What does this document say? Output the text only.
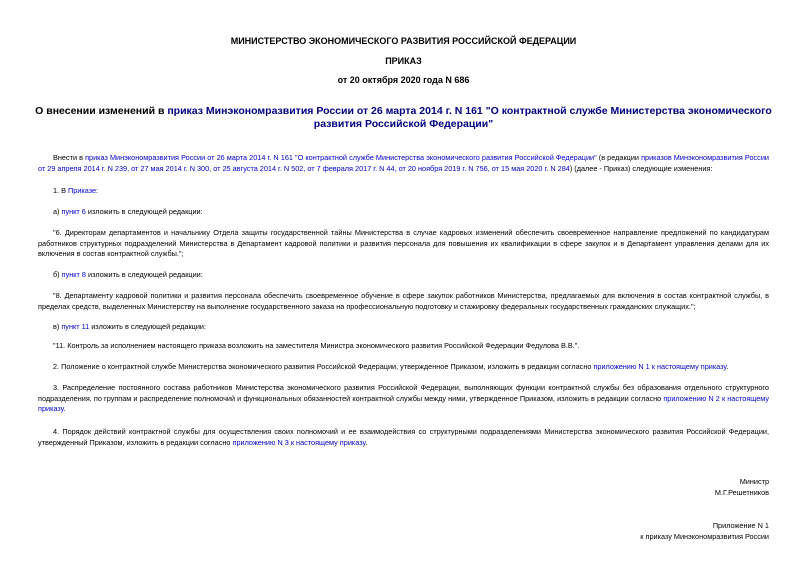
МИНИСТЕРСТВО ЭКОНОМИЧЕСКОГО РАЗВИТИЯ РОССИЙСКОЙ ФЕДЕРАЦИИ
ПРИКАЗ
от 20 октября 2020 года N 686
О внесении изменений в приказ Минэкономразвития России от 26 марта 2014 г. N 161 "О контрактной службе Министерства экономического развития Российской Федерации"
Внести в приказ Минэкономразвития России от 26 марта 2014 г. N 161 "О контрактной службе Министерства экономического развития Российской Федерации" (в редакции приказов Минэкономразвития России от 29 апреля 2014 г. N 239, от 27 мая 2014 г. N 300, от 25 августа 2014 г. N 502, от 7 февраля 2017 г. N 44, от 20 ноября 2019 г. N 756, от 15 мая 2020 г. N 284) (далее - Приказ) следующие изменения:
1. В Приказе:
а) пункт 6 изложить в следующей редакции:
"6. Директорам департаментов и начальнику Отдела защиты государственной тайны Министерства в случае кадровых изменений обеспечить своевременное направление предложений по кандидатурам работников структурных подразделений Министерства в Департамент кадровой политики и развития персонала для повышения их квалификации в сфере закупок и в Департамент управления делами для их включения в состав контрактной службы.";
б) пункт 8 изложить в следующей редакции:
"8. Департаменту кадровой политики и развития персонала обеспечить своевременное обучение в сфере закупок работников Министерства, предлагаемых для включения в состав контрактной службы, в пределах средств, выделенных Министерству на выполнение государственного заказа на профессиональную подготовку и стажировку федеральных государственных гражданских служащих.";
в) пункт 11 изложить в следующей редакции:
"11. Контроль за исполнением настоящего приказа возложить на заместителя Министра экономического развития Российской Федерации Федулова В.В.".
2. Положение о контрактной службе Министерства экономического развития Российской Федерации, утвержденное Приказом, изложить в редакции согласно приложению N 1 к настоящему приказу.
3. Распределение постоянного состава работников Министерства экономического развития Российской Федерации, выполняющих функции контрактной службы без образования отдельного структурного подразделения, по группам и распределение полномочий и функциональных обязанностей контрактной службы между ними, утвержденное Приказом, изложить в редакции согласно приложению N 2 к настоящему приказу.
4. Порядок действий контрактной службы для осуществления своих полномочий и ее взаимодействия со структурными подразделениями Министерства экономического развития Российской Федерации, утвержденный Приказом, изложить в редакции согласно приложению N 3 к настоящему приказу.
Министр
М.Г.Решетников
Приложение N 1
к приказу Минэкономразвития России
